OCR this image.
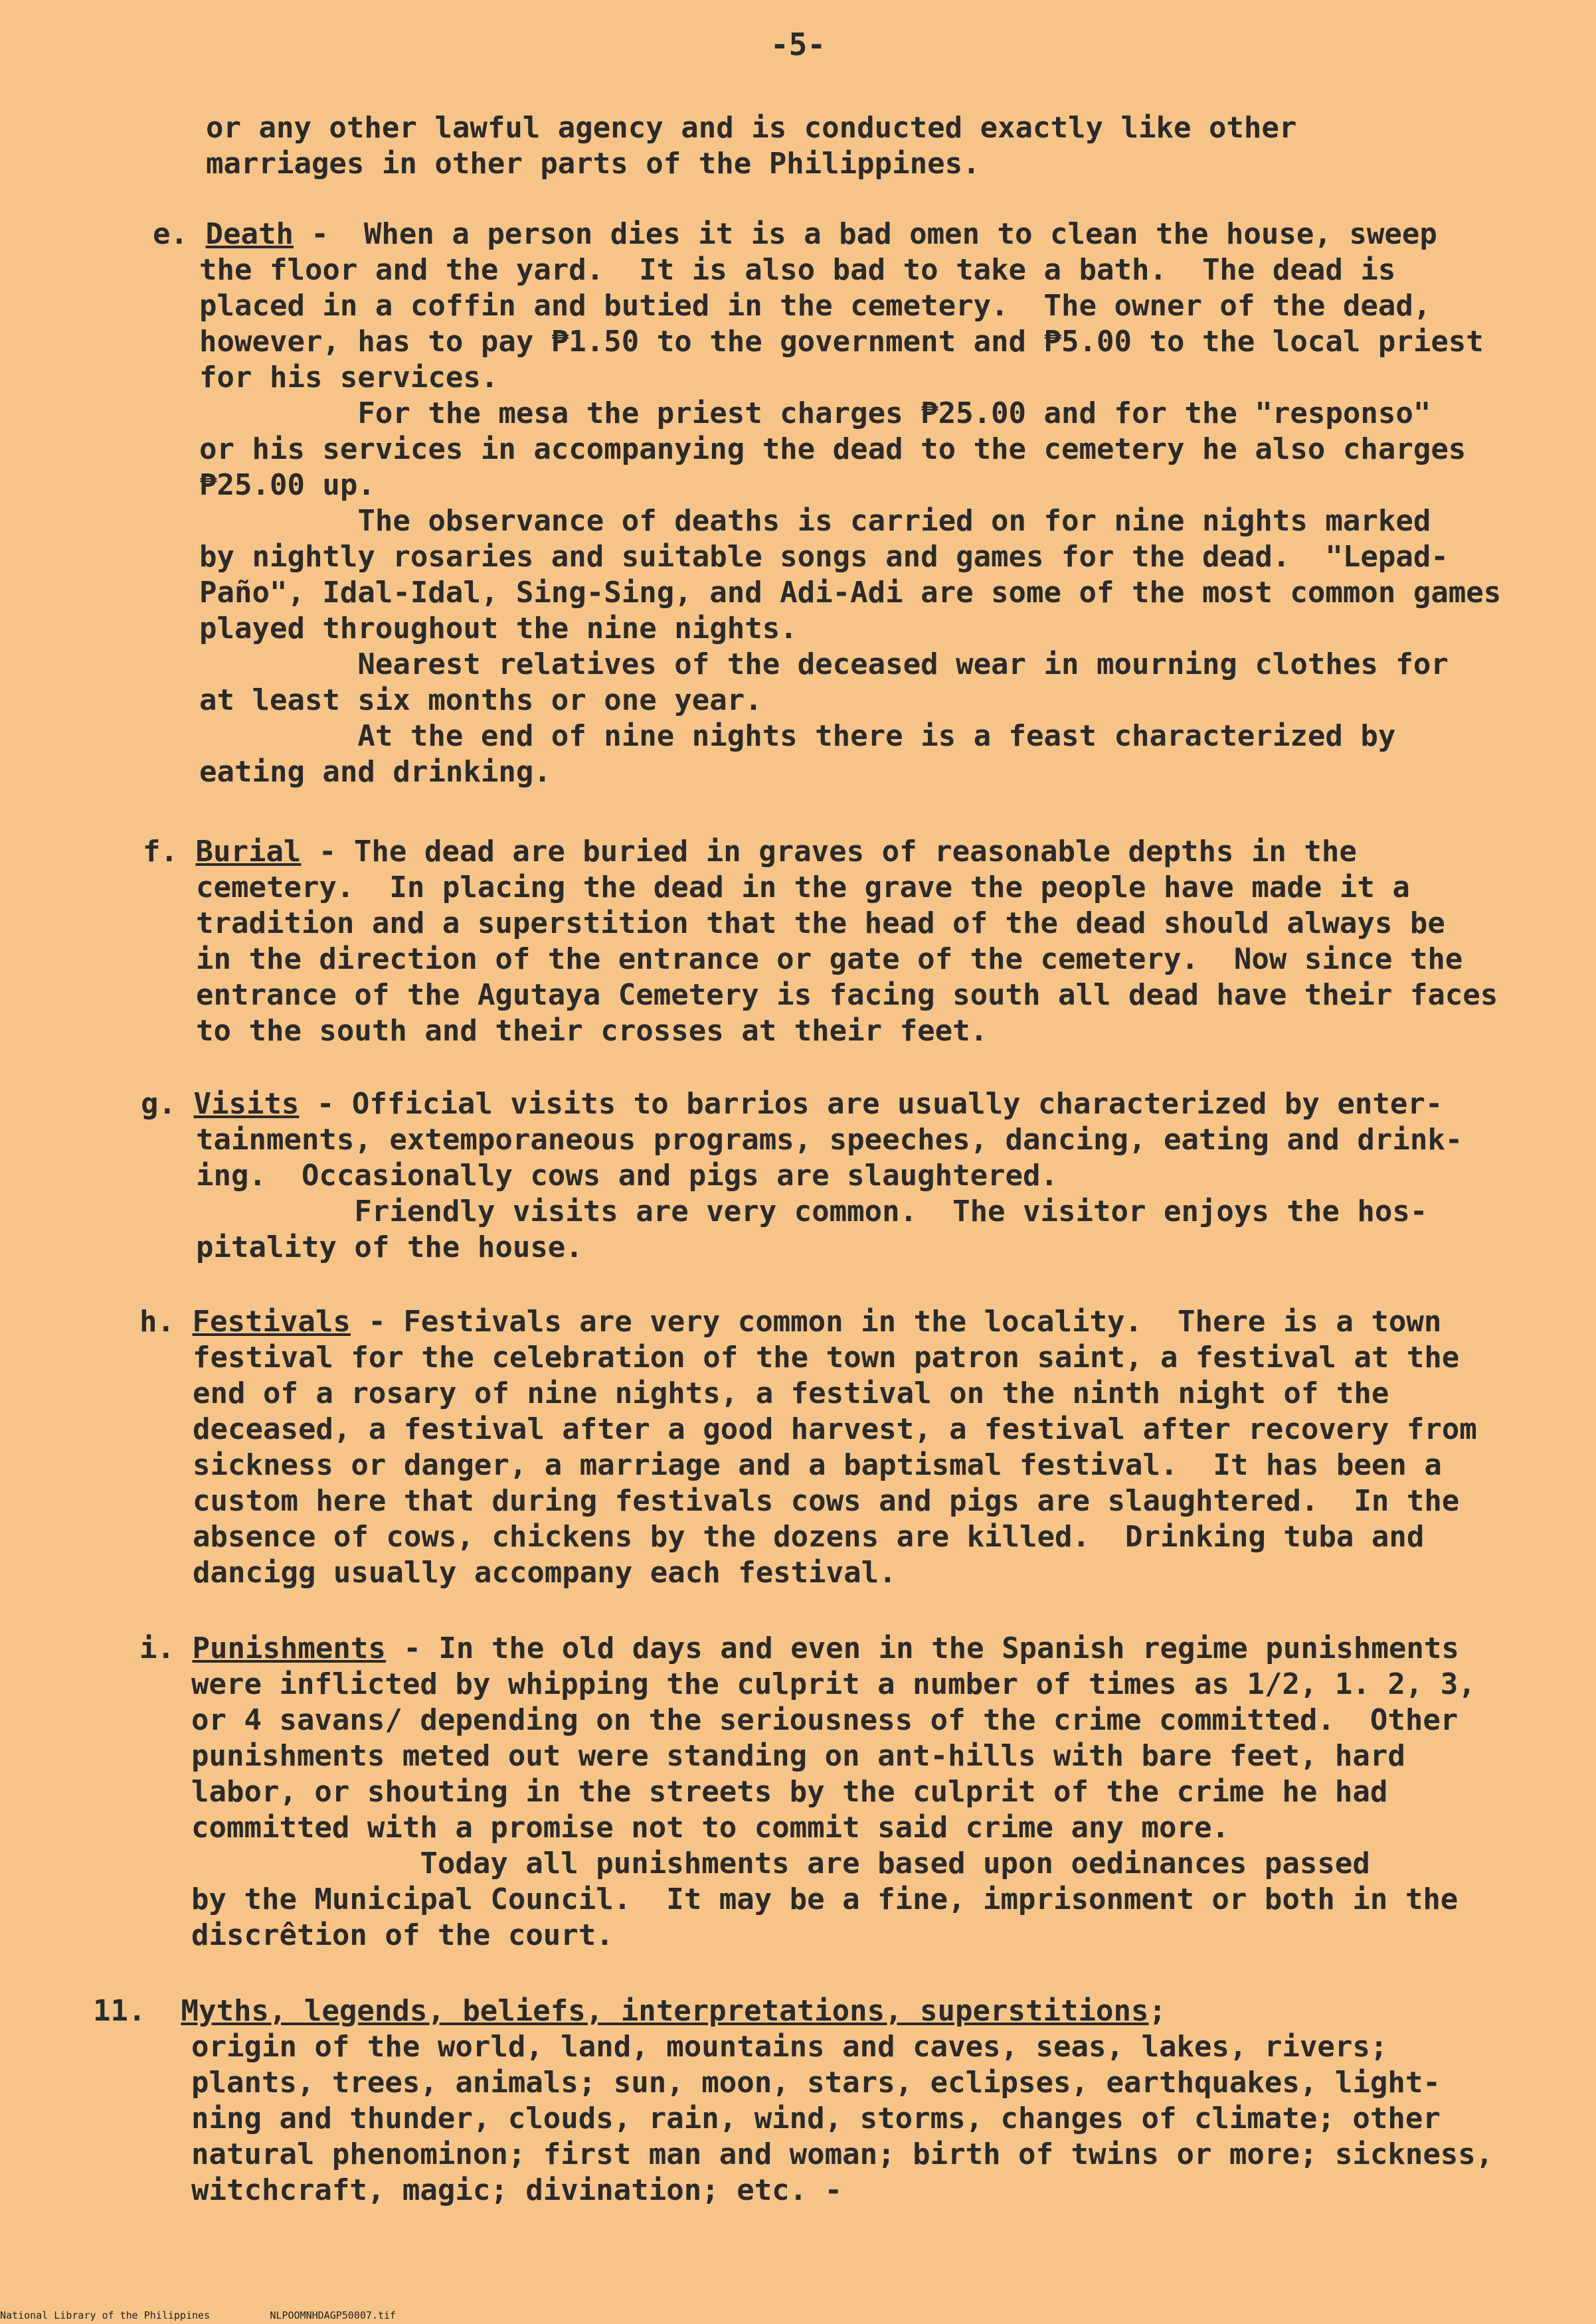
-5-
or any other lawful agency and is conducted exactly like other
marriages in other parts of the Philippines.
e. Death -  When a person dies it is a bad omen to clean the house, sweep
the floor and the yard.  It is also bad to take a bath.  The dead is
placed in a coffin and butied in the cemetery.  The owner of the dead,
however, has to pay ₱1.50 to the government and ₱5.00 to the local priest
for his services.
For the mesa the priest charges ₱25.00 and for the "responso"
or his services in accompanying the dead to the cemetery he also charges
₱25.00 up.
The observance of deaths is carried on for nine nights marked
by nightly rosaries and suitable songs and games for the dead.  "Lepad-
Paño", Idal-Idal, Sing-Sing, and Adi-Adi are some of the most common games
played throughout the nine nights.
Nearest relatives of the deceased wear in mourning clothes for
at least six months or one year.
At the end of nine nights there is a feast characterized by
eating and drinking.
f. Burial - The dead are buried in graves of reasonable depths in the
cemetery.  In placing the dead in the grave the people have made it a
tradition and a superstition that the head of the dead should always be
in the direction of the entrance or gate of the cemetery.  Now since the
entrance of the Agutaya Cemetery is facing south all dead have their faces
to the south and their crosses at their feet.
g. Visits - Official visits to barrios are usually characterized by enter-
tainments, extemporaneous programs, speeches, dancing, eating and drink-
ing.  Occasionally cows and pigs are slaughtered.
Friendly visits are very common.  The visitor enjoys the hos-
pitality of the house.
h. Festivals - Festivals are very common in the locality.  There is a town
festival for the celebration of the town patron saint, a festival at the
end of a rosary of nine nights, a festival on the ninth night of the
deceased, a festival after a good harvest, a festival after recovery from
sickness or danger, a marriage and a baptismal festival.  It has been a
custom here that during festivals cows and pigs are slaughtered.  In the
absence of cows, chickens by the dozens are killed.  Drinking tuba and
dancigg usually accompany each festival.
i. Punishments - In the old days and even in the Spanish regime punishments
were inflicted by whipping the culprit a number of times as 1/2, 1. 2, 3,
or 4 savans/ depending on the seriousness of the crime committed.  Other
punishments meted out were standing on ant-hills with bare feet, hard
labor, or shouting in the streets by the culprit of the crime he had
committed with a promise not to commit said crime any more.
Today all punishments are based upon oedinances passed
by the Municipal Council.  It may be a fine, imprisonment or both in the
discrêtion of the court.
11. Myths, legends, beliefs, interpretations, superstitions;
origin of the world, land, mountains and caves, seas, lakes, rivers;
plants, trees, animals; sun, moon, stars, eclipses, earthquakes, light-
ning and thunder, clouds, rain, wind, storms, changes of climate; other
natural phenominon; first man and woman; birth of twins or more; sickness,
witchcraft, magic; divination; etc. -
National Library of the Philippines	NLPOOMNHDAGP50007.tif
